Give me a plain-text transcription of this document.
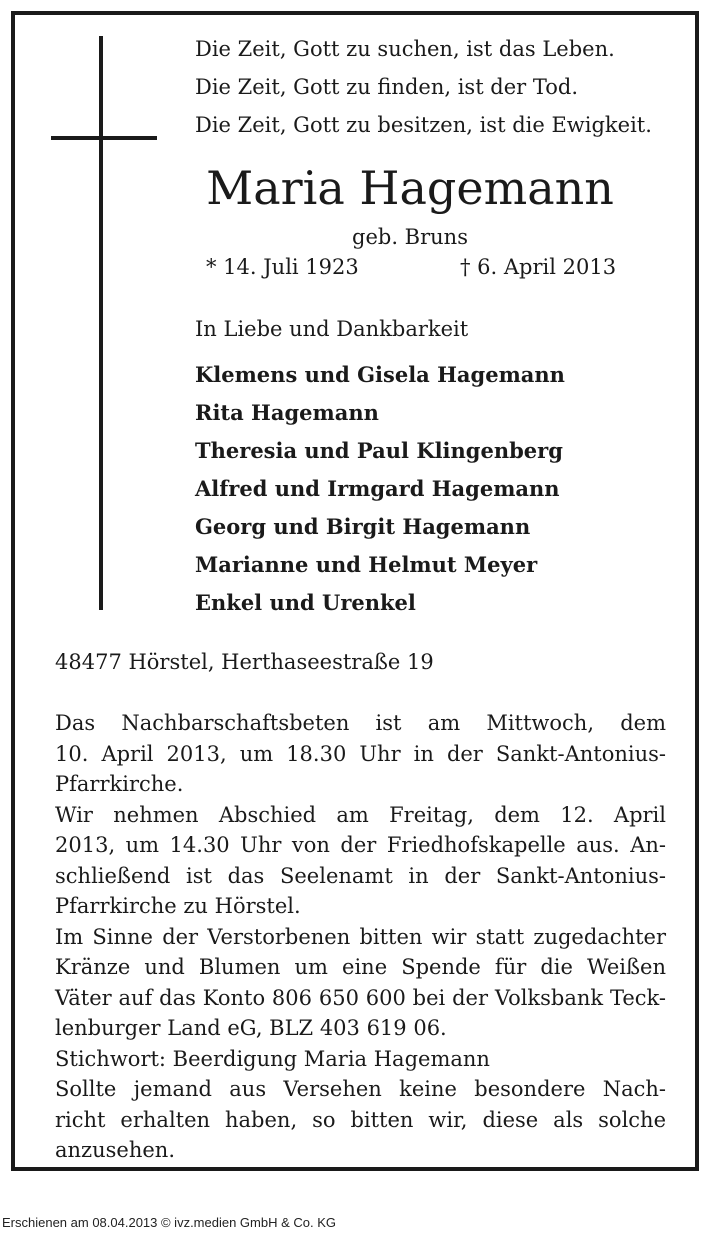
Die Zeit, Gott zu suchen, ist das Leben.
Die Zeit, Gott zu finden, ist der Tod.
Die Zeit, Gott zu besitzen, ist die Ewigkeit.
Maria Hagemann
geb. Bruns
* 14. Juli 1923	† 6. April 2013
In Liebe und Dankbarkeit
Klemens und Gisela Hagemann
Rita Hagemann
Theresia und Paul Klingenberg
Alfred und Irmgard Hagemann
Georg und Birgit Hagemann
Marianne und Helmut Meyer
Enkel und Urenkel
48477 Hörstel, Herthaseestraße 19
Das Nachbarschaftsbeten ist am Mittwoch, dem
10. April 2013, um 18.30 Uhr in der Sankt-Antonius-
Pfarrkirche.
Wir nehmen Abschied am Freitag, dem 12. April
2013, um 14.30 Uhr von der Friedhofskapelle aus. An-
schließend ist das Seelenamt in der Sankt-Antonius-
Pfarrkirche zu Hörstel.
Im Sinne der Verstorbenen bitten wir statt zugedachter
Kränze und Blumen um eine Spende für die Weißen
Väter auf das Konto 806 650 600 bei der Volksbank Teck-
lenburger Land eG, BLZ 403 619 06.
Stichwort: Beerdigung Maria Hagemann
Sollte jemand aus Versehen keine besondere Nach-
richt erhalten haben, so bitten wir, diese als solche
anzusehen.
Erschienen am 08.04.2013 © ivz.medien GmbH & Co. KG
